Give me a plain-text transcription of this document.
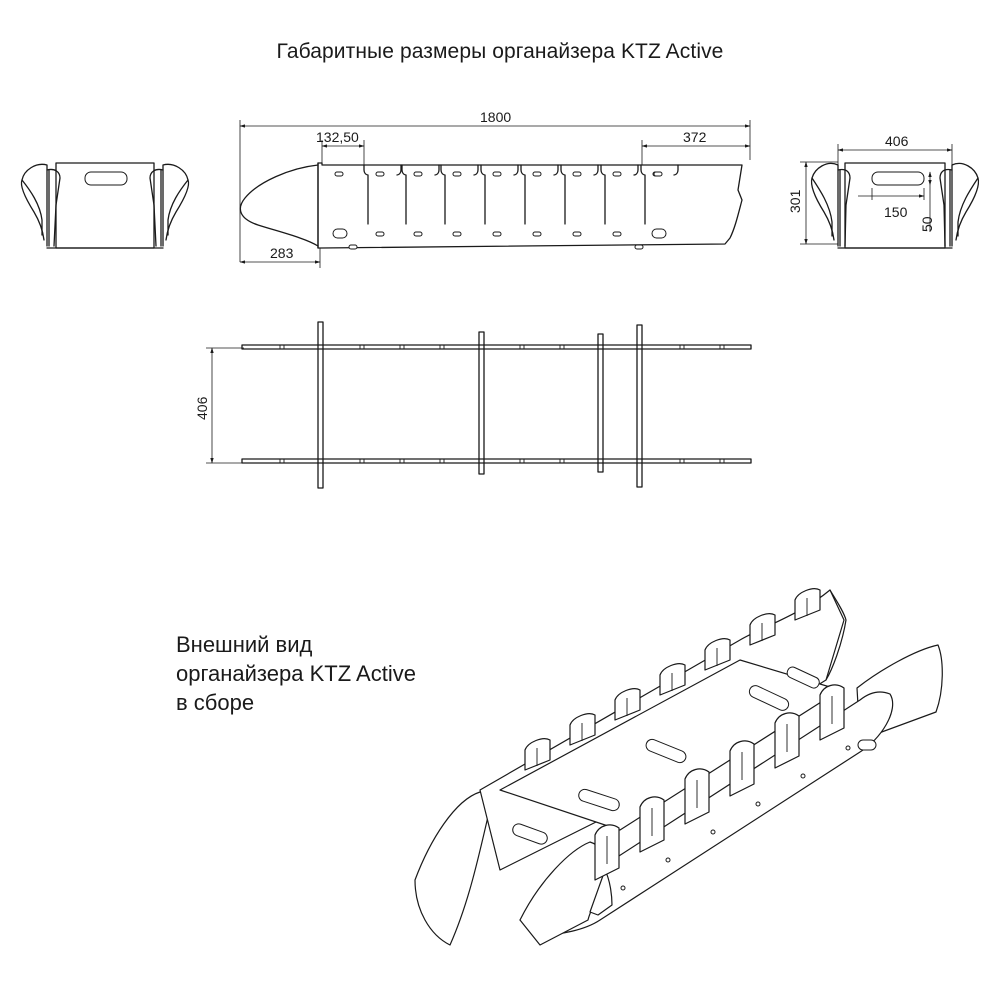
Габаритные размеры органайзера KTZ Active
1800
132,50	372
283
406
301	150
50
406
Внешний вид
органайзера KTZ Active
в сборе
